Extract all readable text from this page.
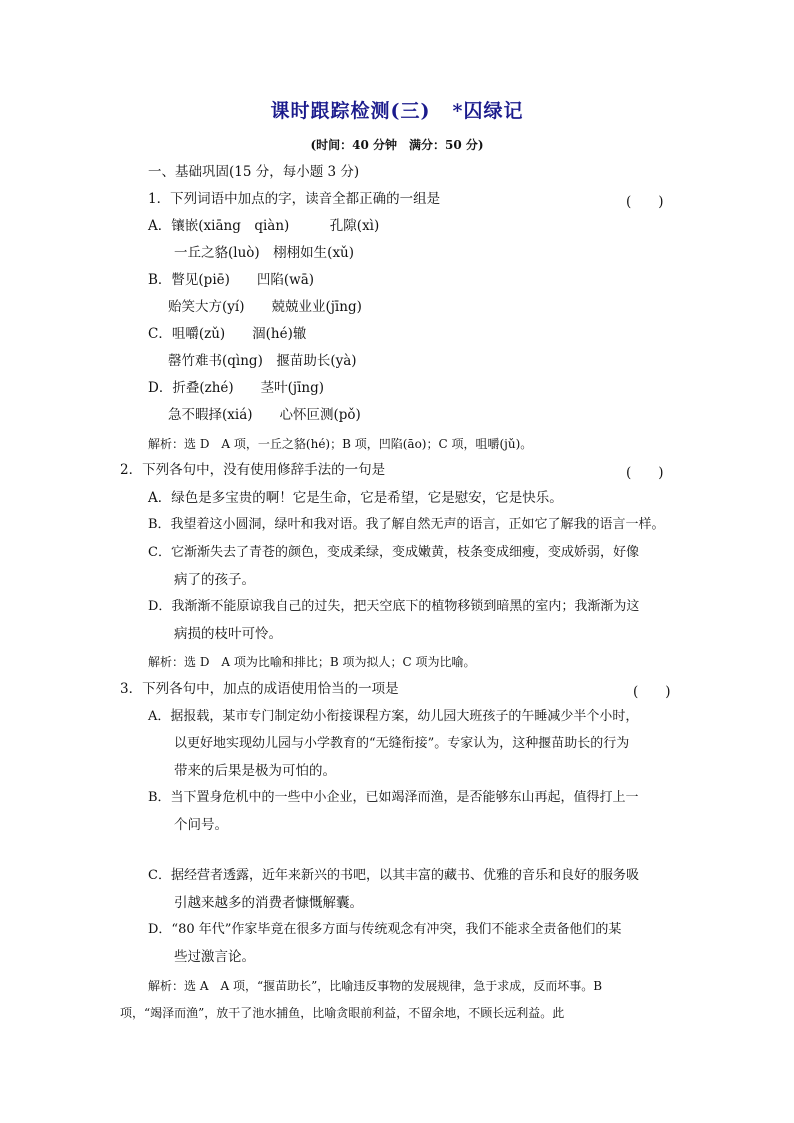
课时跟踪检测(三) *囚绿记
(时间：40 分钟　满分：50 分)
一、基础巩固(15 分，每小题 3 分)
1．下列词语中加点的字，读音全都正确的一组是	(　　)
A．镶嵌(xiāng　qiàn)　　　孔隙(xì)
一丘之貉(luò)　栩栩如生(xǔ)
B．瞥见(piē)　　凹陷(wā)
贻笑大方(yí)　　兢兢业业(jīng)
C．咀嚼(zǔ)　　涸(hé)辙
罄竹难书(qìng)　揠苗助长(yà)
D．折叠(zhé)　　茎叶(jīng)
急不暇择(xiá)　　心怀叵测(pǒ)
解析：选 D　A 项，一丘之貉(hé)；B 项，凹陷(āo)；C 项，咀嚼(jǔ)。
2．下列各句中，没有使用修辞手法的一句是	(　　)
A．绿色是多宝贵的啊！它是生命，它是希望，它是慰安，它是快乐。
B．我望着这小圆洞，绿叶和我对语。我了解自然无声的语言，正如它了解我的语言一样。
C．它渐渐失去了青苍的颜色，变成柔绿，变成嫩黄，枝条变成细瘦，变成娇弱，好像
病了的孩子。
D．我渐渐不能原谅我自己的过失，把天空底下的植物移锁到暗黑的室内；我渐渐为这
病损的枝叶可怜。
解析：选 D　A 项为比喻和排比；B 项为拟人；C 项为比喻。
3．下列各句中，加点的成语使用恰当的一项是	(　　)
A．据报载，某市专门制定幼小衔接课程方案，幼儿园大班孩子的午睡减少半个小时，
以更好地实现幼儿园与小学教育的“无缝衔接”。专家认为，这种揠苗助长的行为
带来的后果是极为可怕的。
B．当下置身危机中的一些中小企业，已如竭泽而渔，是否能够东山再起，值得打上一
个问号。
C．据经营者透露，近年来新兴的书吧，以其丰富的藏书、优雅的音乐和良好的服务吸
引越来越多的消费者慷慨解囊。
D．“80 年代”作家毕竟在很多方面与传统观念有冲突，我们不能求全责备他们的某
些过激言论。
解析：选 A　A 项，“揠苗助长”，比喻违反事物的发展规律，急于求成，反而坏事。B
项，“竭泽而渔”，放干了池水捕鱼，比喻贪眼前利益，不留余地，不顾长远利益。此
